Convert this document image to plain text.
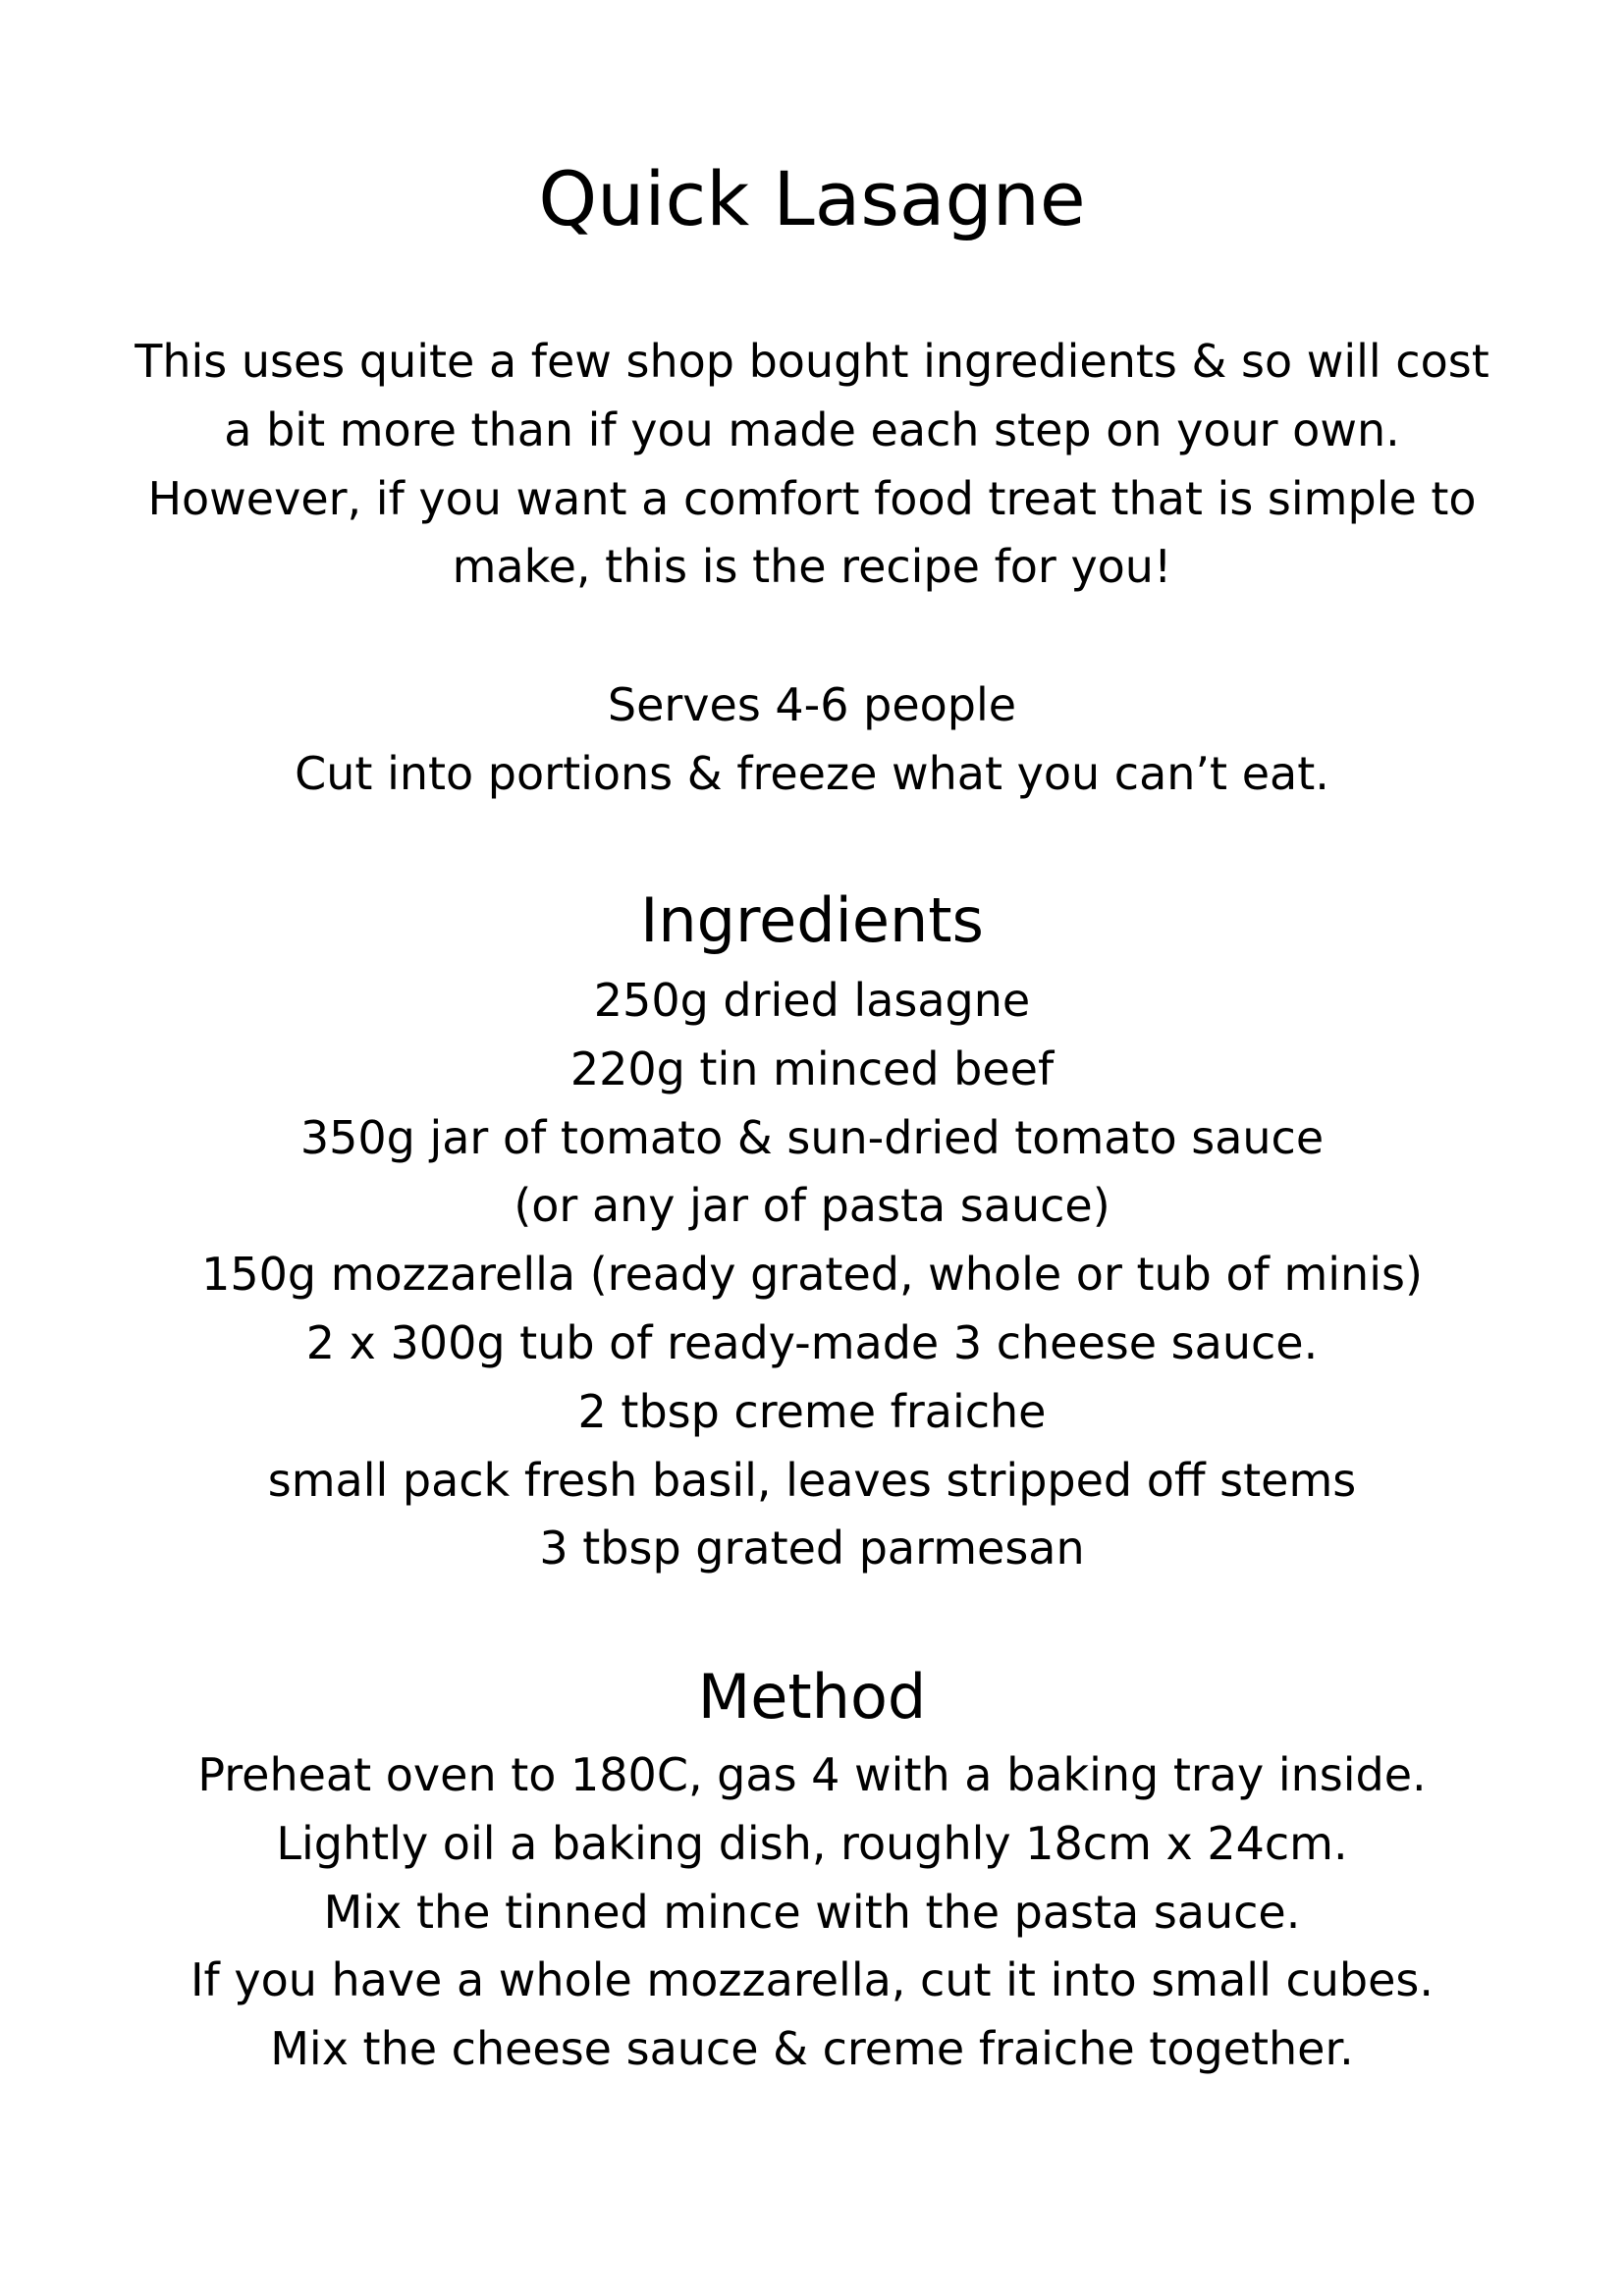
Quick Lasagne
This uses quite a few shop bought ingredients & so will cost
a bit more than if you made each step on your own.
However, if you want a comfort food treat that is simple to
make, this is the recipe for you!
Serves 4-6 people
Cut into portions & freeze what you can’t eat.
Ingredients
250g dried lasagne
220g tin minced beef
350g jar of tomato & sun-dried tomato sauce
(or any jar of pasta sauce)
150g mozzarella (ready grated, whole or tub of minis)
2 x 300g tub of ready-made 3 cheese sauce.
2 tbsp creme fraiche
small pack fresh basil, leaves stripped off stems
3 tbsp grated parmesan
Method
Preheat oven to 180C, gas 4 with a baking tray inside.
Lightly oil a baking dish, roughly 18cm x 24cm.
Mix the tinned mince with the pasta sauce.
If you have a whole mozzarella, cut it into small cubes.
Mix the cheese sauce & creme fraiche together.
